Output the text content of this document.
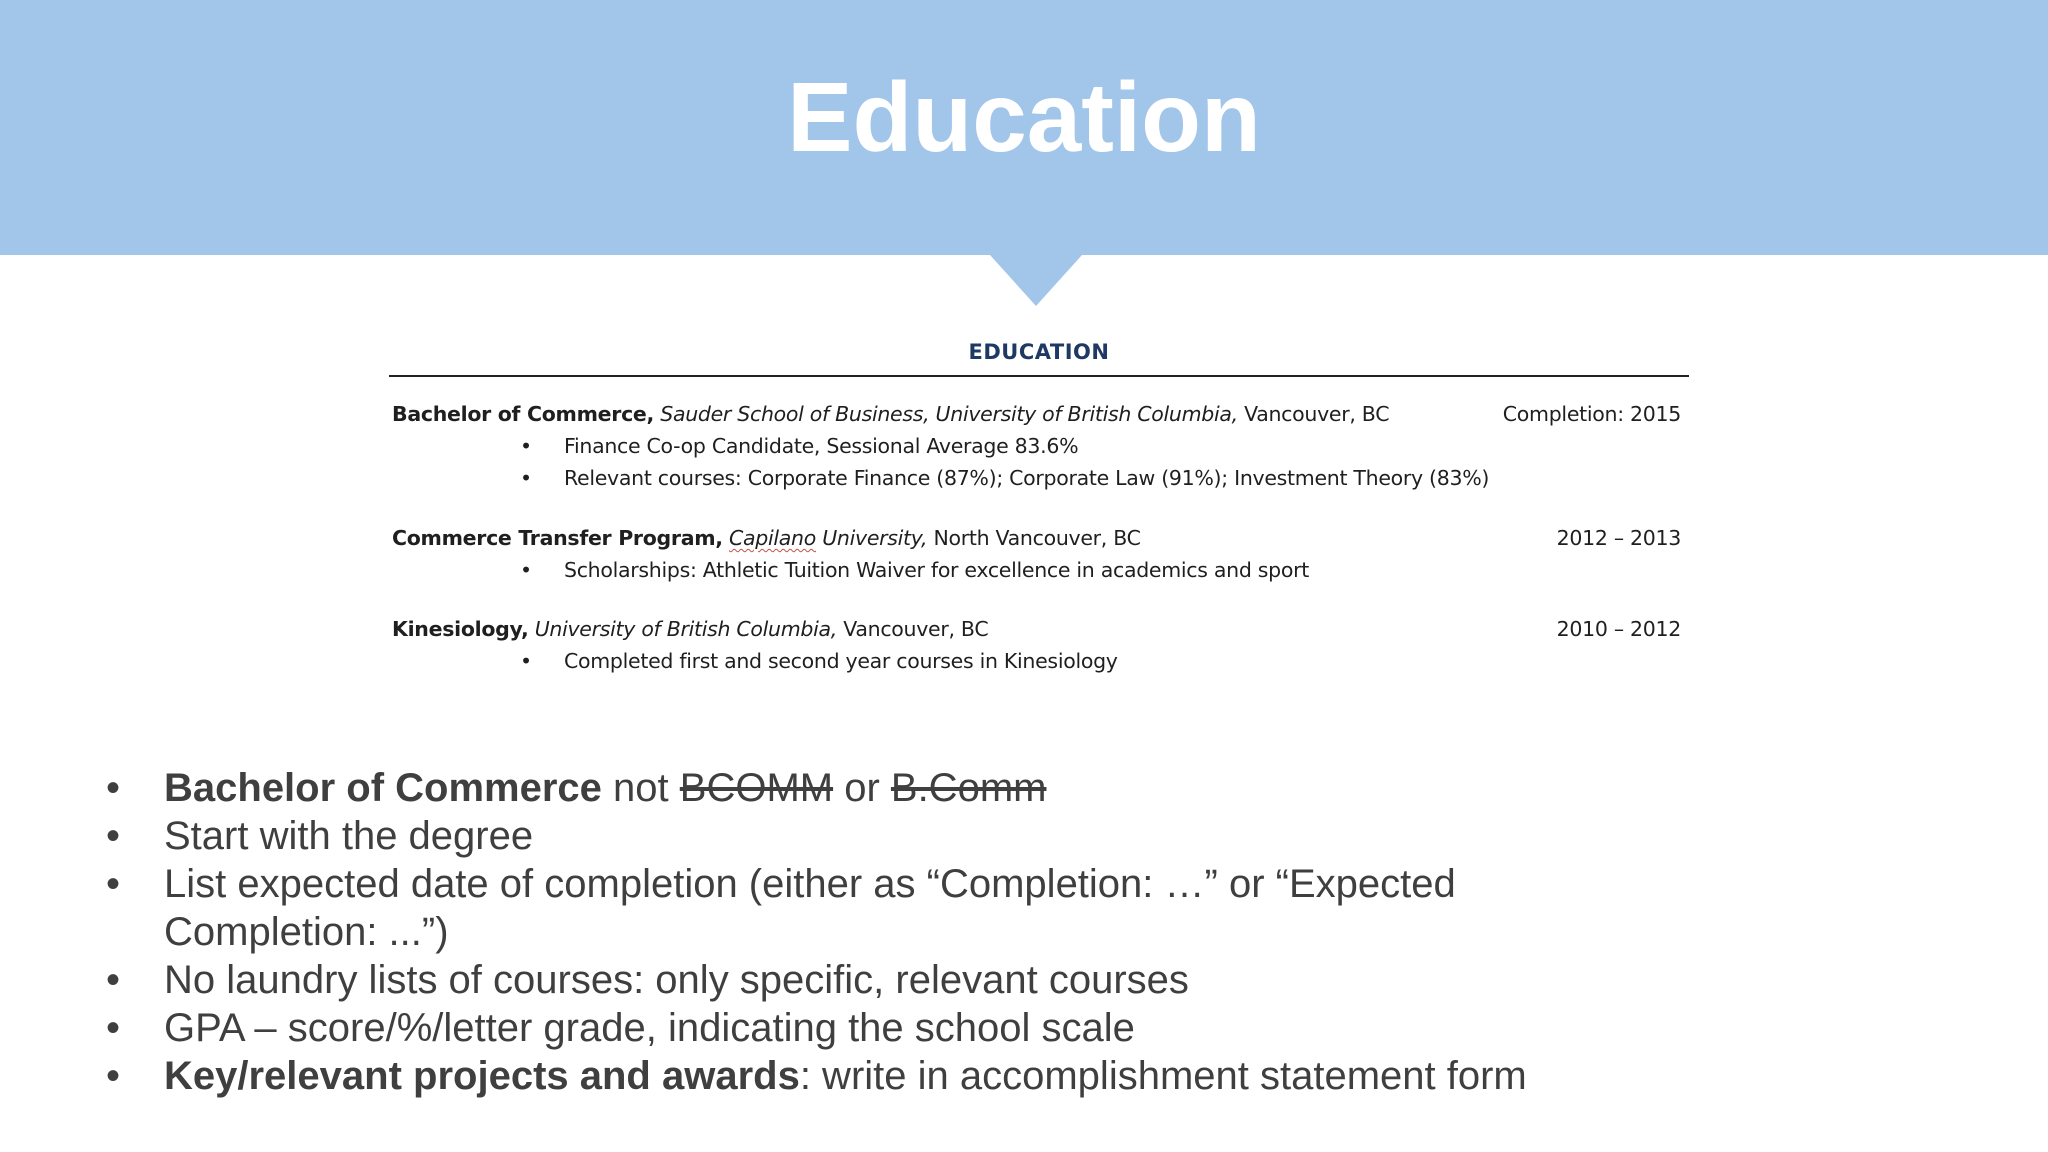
Education
EDUCATION
Bachelor of Commerce, Sauder School of Business, University of British Columbia, Vancouver, BC	Completion: 2015
• Finance Co-op Candidate, Sessional Average 83.6%
• Relevant courses: Corporate Finance (87%); Corporate Law (91%); Investment Theory (83%)
Commerce Transfer Program, Capilano University, North Vancouver, BC	2012 – 2013
• Scholarships: Athletic Tuition Waiver for excellence in academics and sport
Kinesiology, University of British Columbia, Vancouver, BC	2010 – 2012
• Completed first and second year courses in Kinesiology
•	Bachelor of Commerce not BCOMM or B.Comm
•	Start with the degree
•	List expected date of completion (either as “Completion: …” or “Expected Completion: ...”)
•	No laundry lists of courses: only specific, relevant courses
•	GPA – score/%/letter grade, indicating the school scale
•	Key/relevant projects and awards: write in accomplishment statement form
